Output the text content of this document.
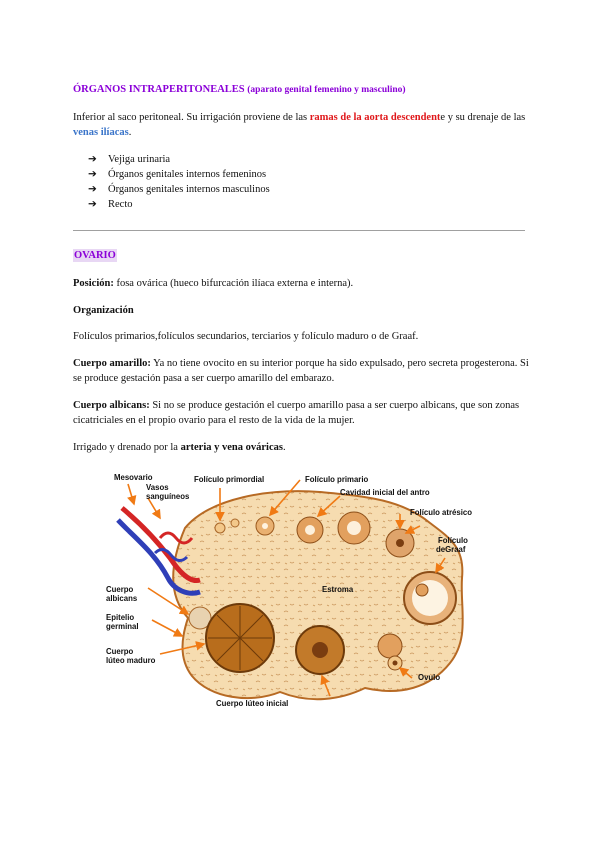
ÓRGANOS INTRAPERITONEALES (aparato genital femenino y masculino)
Inferior al saco peritoneal. Su irrigación proviene de las ramas de la aorta descendente y su drenaje de las venas ilíacas.
➔ Vejiga urinaria
➔ Órganos genitales internos femeninos
➔ Órganos genitales internos masculinos
➔ Recto
OVARIO
Posición: fosa ovárica (hueco bifurcación ilíaca externa e interna).
Organización
Folículos primarios,folículos secundarios, terciarios y folículo maduro o de Graaf.
Cuerpo amarillo: Ya no tiene ovocito en su interior porque ha sido expulsado, pero secreta progesterona. Si se produce gestación pasa a ser cuerpo amarillo del embarazo.
Cuerpo albicans: Si no se produce gestación el cuerpo amarillo pasa a ser cuerpo albicans, que son zonas cicatriciales en el propio ovario para el resto de la vida de la mujer.
Irrigado y drenado por la arteria y vena ováricas.
Mesovario
Vasos
sanguíneos
Folículo primordial	Folículo primario
Cavidad inicial del antro
Folículo atrésico
Folículo
deGraaf
Cuerpo
albicans
Epitelio
germinal
Cuerpo
lúteo maduro
Estroma
Ovulo
Cuerpo lúteo inicial
